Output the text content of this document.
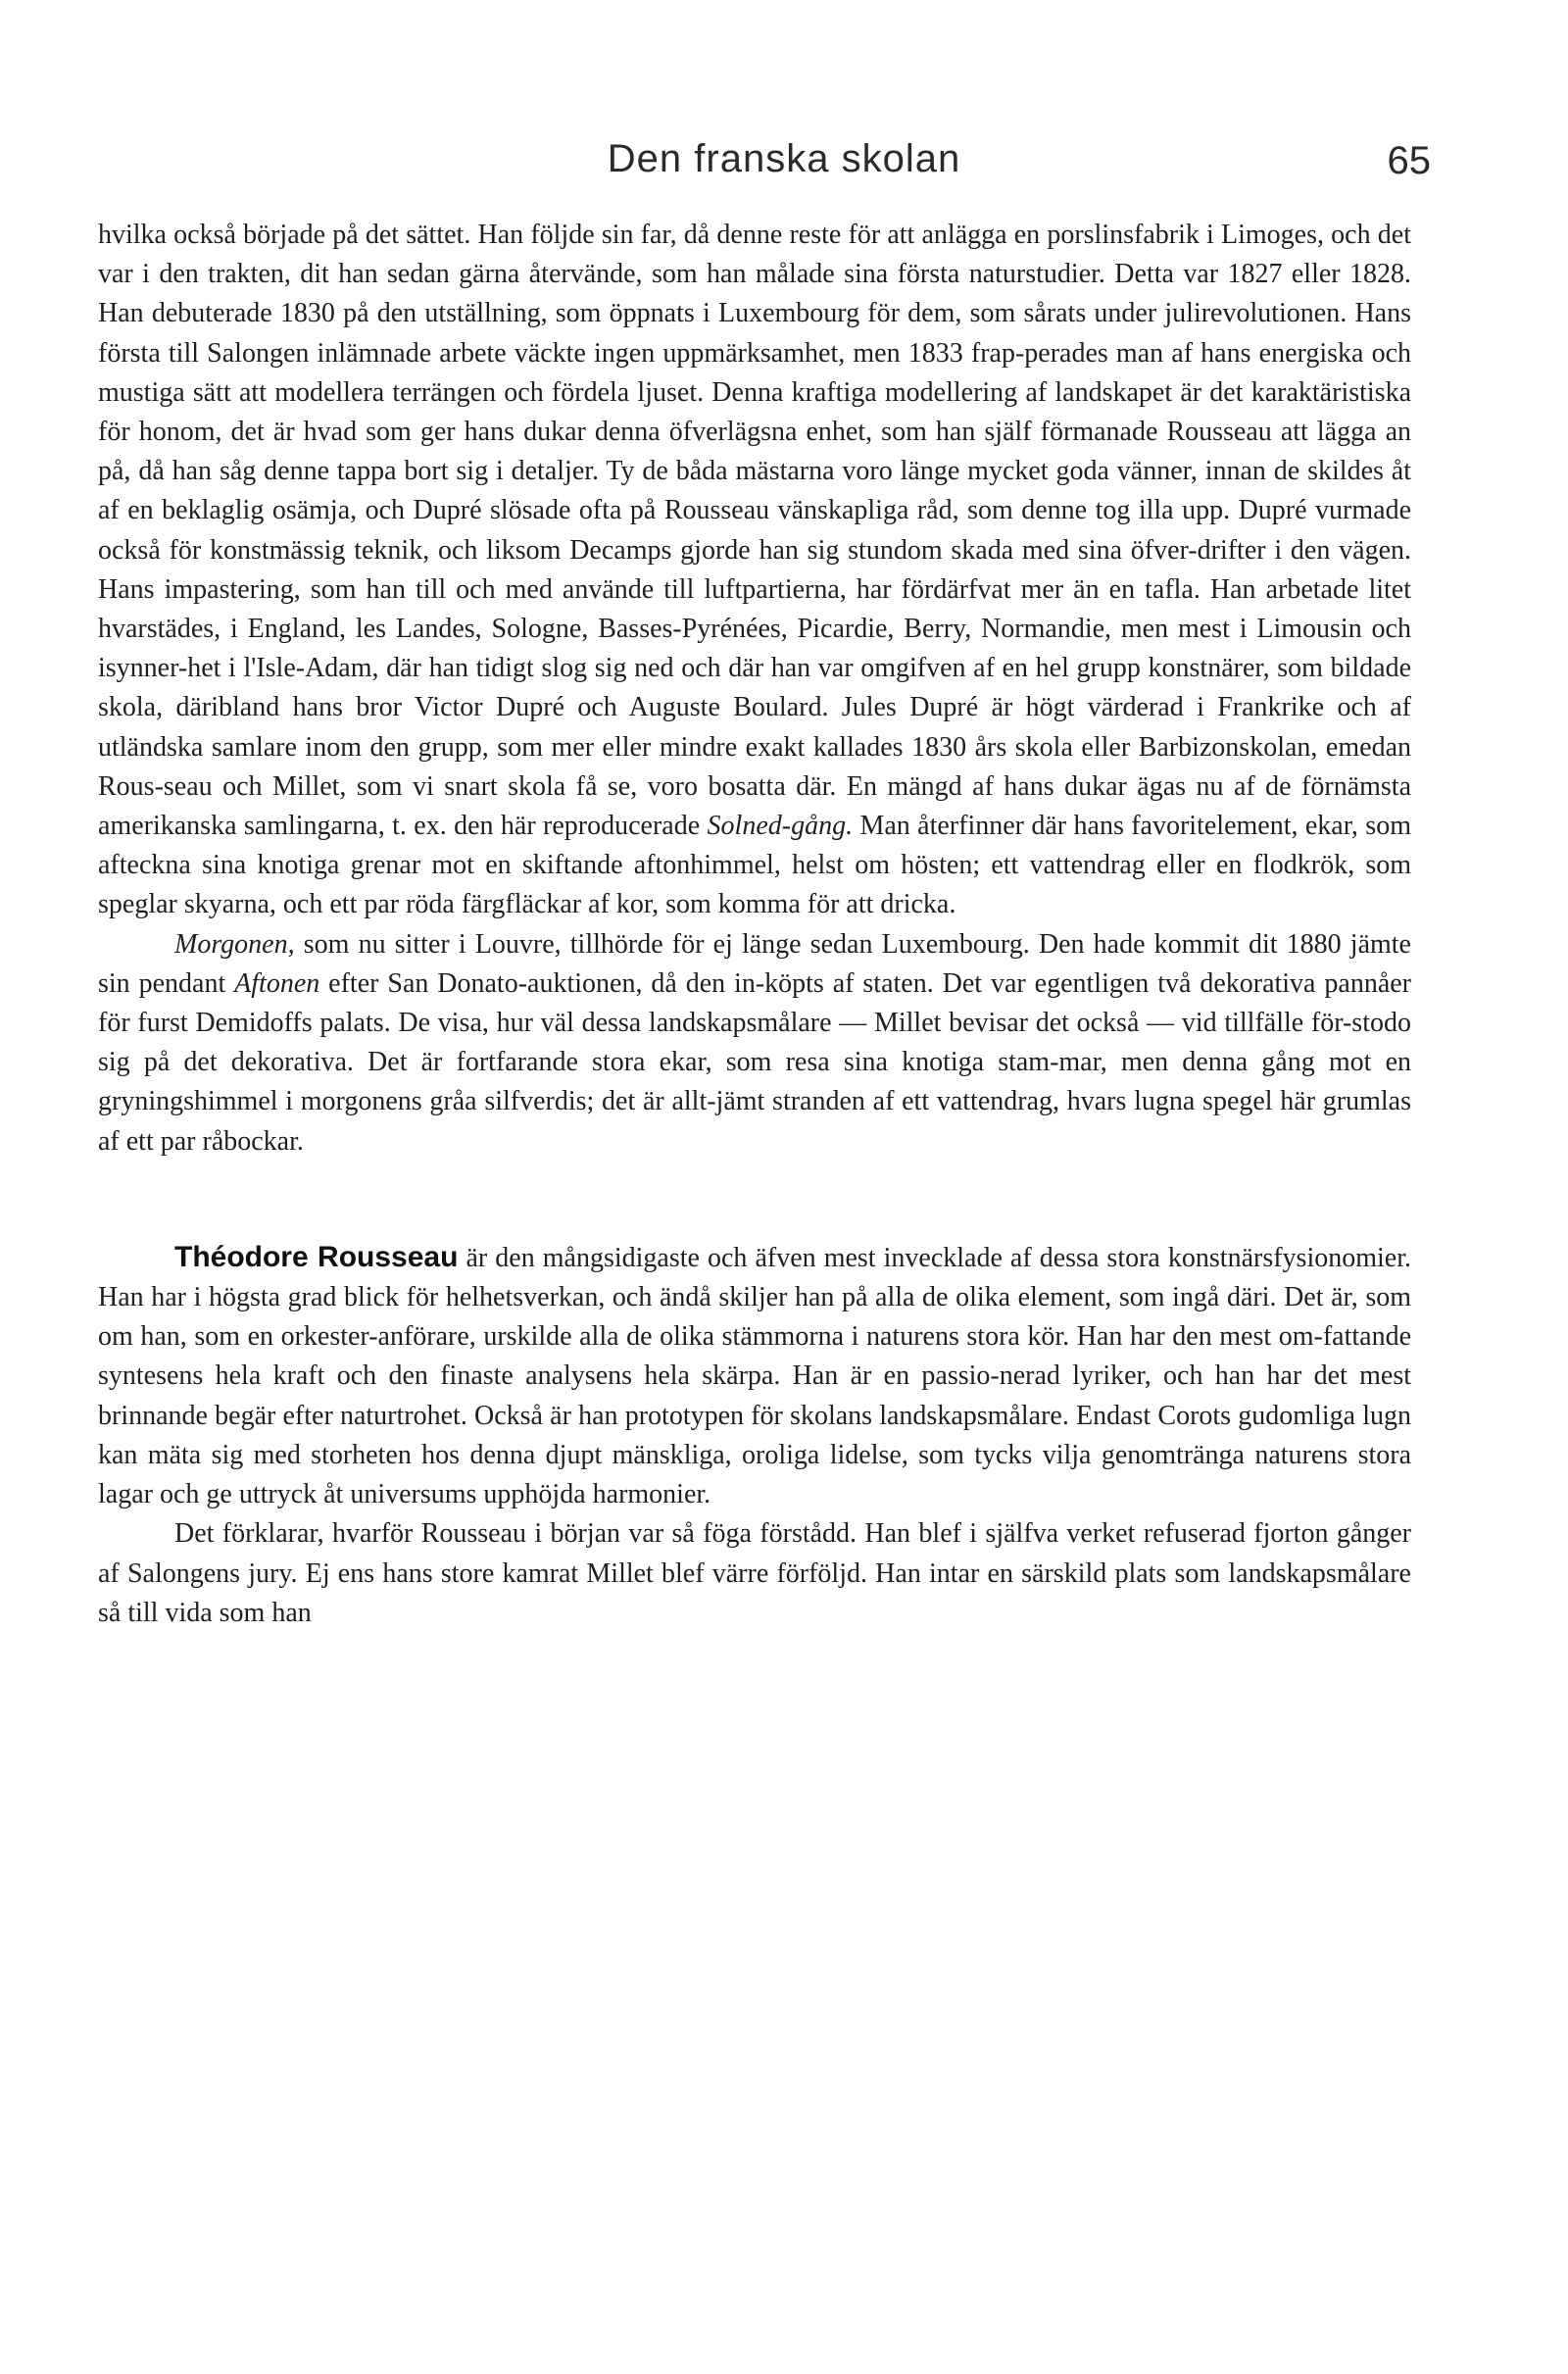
Den franska skolan	65

hvilka också började på det sättet. Han följde sin far, då denne reste för att anlägga en porslinsfabrik i Limoges, och det var i den trakten, dit han sedan gärna återvände, som han målade sina första naturstudier. Detta var 1827 eller 1828. Han debuterade 1830 på den utställning, som öppnats i Luxembourg för dem, som sårats under julirevolutionen. Hans första till Salongen inlämnade arbete väckte ingen uppmärksamhet, men 1833 frap-perades man af hans energiska och mustiga sätt att modellera terrängen och fördela ljuset. Denna kraftiga modellering af landskapet är det karaktäristiska för honom, det är hvad som ger hans dukar denna öfverlägsna enhet, som han själf förmanade Rousseau att lägga an på, då han såg denne tappa bort sig i detaljer. Ty de båda mästarna voro länge mycket goda vänner, innan de skildes åt af en beklaglig osämja, och Dupré slösade ofta på Rousseau vänskapliga råd, som denne tog illa upp. Dupré vurmade också för konstmässig teknik, och liksom Decamps gjorde han sig stundom skada med sina öfver-drifter i den vägen. Hans impastering, som han till och med använde till luftpartierna, har fördärfvat mer än en tafla. Han arbetade litet hvarstädes, i England, les Landes, Sologne, Basses-Pyrénées, Picardie, Berry, Normandie, men mest i Limousin och isynner-het i l'Isle-Adam, där han tidigt slog sig ned och där han var omgifven af en hel grupp konstnärer, som bildade skola, däribland hans bror Victor Dupré och Auguste Boulard. Jules Dupré är högt värderad i Frankrike och af utländska samlare inom den grupp, som mer eller mindre exakt kallades 1830 års skola eller Barbizonskolan, emedan Rous-seau och Millet, som vi snart skola få se, voro bosatta där. En mängd af hans dukar ägas nu af de förnämsta amerikanska samlingarna, t. ex. den här reproducerade Solned-gång. Man återfinner där hans favoritelement, ekar, som afteckna sina knotiga grenar mot en skiftande aftonhimmel, helst om hösten; ett vattendrag eller en flodkrök, som speglar skyarna, och ett par röda färgfläckar af kor, som komma för att dricka.

Morgonen, som nu sitter i Louvre, tillhörde för ej länge sedan Luxembourg. Den hade kommit dit 1880 jämte sin pendant Aftonen efter San Donato-auktionen, då den in-köpts af staten. Det var egentligen två dekorativa pannåer för furst Demidoffs palats. De visa, hur väl dessa landskapsmålare — Millet bevisar det också — vid tillfälle för-stodo sig på det dekorativa. Det är fortfarande stora ekar, som resa sina knotiga stam-mar, men denna gång mot en gryningshimmel i morgonens gråa silfverdis; det är allt-jämt stranden af ett vattendrag, hvars lugna spegel här grumlas af ett par råbockar.

Théodore Rousseau är den mångsidigaste och äfven mest invecklade af dessa stora konstnärsfysionomier. Han har i högsta grad blick för helhetsverkan, och ändå skiljer han på alla de olika element, som ingå däri. Det är, som om han, som en orkester-anförare, urskilde alla de olika stämmorna i naturens stora kör. Han har den mest om-fattande syntesens hela kraft och den finaste analysens hela skärpa. Han är en passio-nerad lyriker, och han har det mest brinnande begär efter naturtrohet. Också är han prototypen för skolans landskapsmålare. Endast Corots gudomliga lugn kan mäta sig med storheten hos denna djupt mänskliga, oroliga lidelse, som tycks vilja genomtränga naturens stora lagar och ge uttryck åt universums upphöjda harmonier.

Det förklarar, hvarför Rousseau i början var så föga förstådd. Han blef i själfva verket refuserad fjorton gånger af Salongens jury. Ej ens hans store kamrat Millet blef värre förföljd. Han intar en särskild plats som landskapsmålare så till vida som han
